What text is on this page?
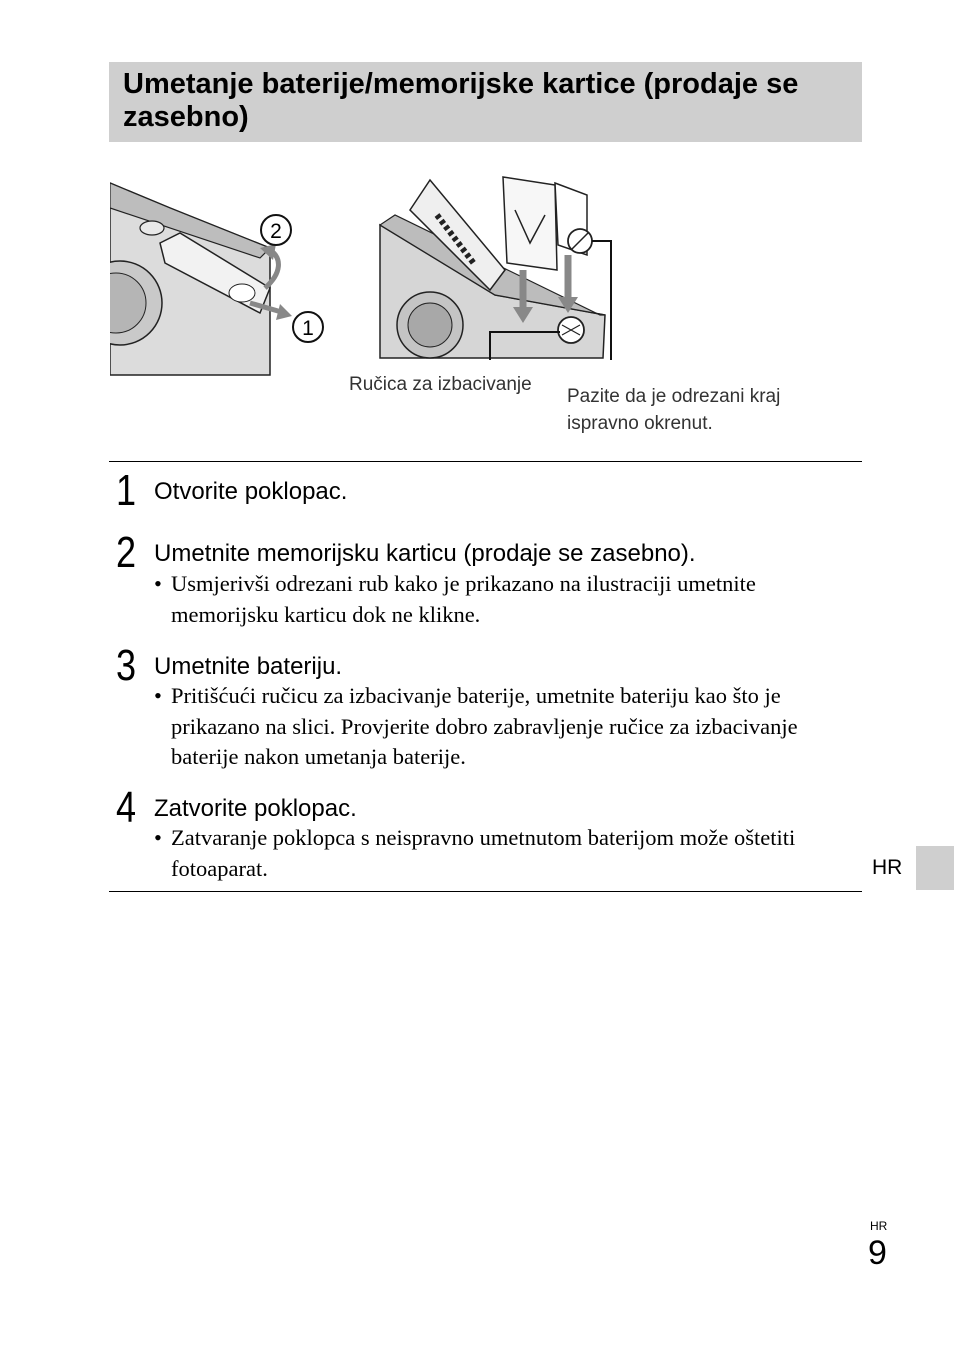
Umetanje baterije/memorijske kartice (prodaje se zasebno)
2
1
Ručica za izbacivanje
Pazite da je odrezani kraj ispravno okrenut.
1 Otvorite poklopac.
2 Umetnite memorijsku karticu (prodaje se zasebno).
• Usmjerivši odrezani rub kako je prikazano na ilustraciji umetnite memorijsku karticu dok ne klikne.
3 Umetnite bateriju.
• Pritišćući ručicu za izbacivanje baterije, umetnite bateriju kao što je prikazano na slici. Provjerite dobro zabravljenje ručice za izbacivanje baterije nakon umetanja baterije.
4 Zatvorite poklopac.
• Zatvaranje poklopca s neispravno umetnutom baterijom može oštetiti fotoaparat.	HR
HR
9
